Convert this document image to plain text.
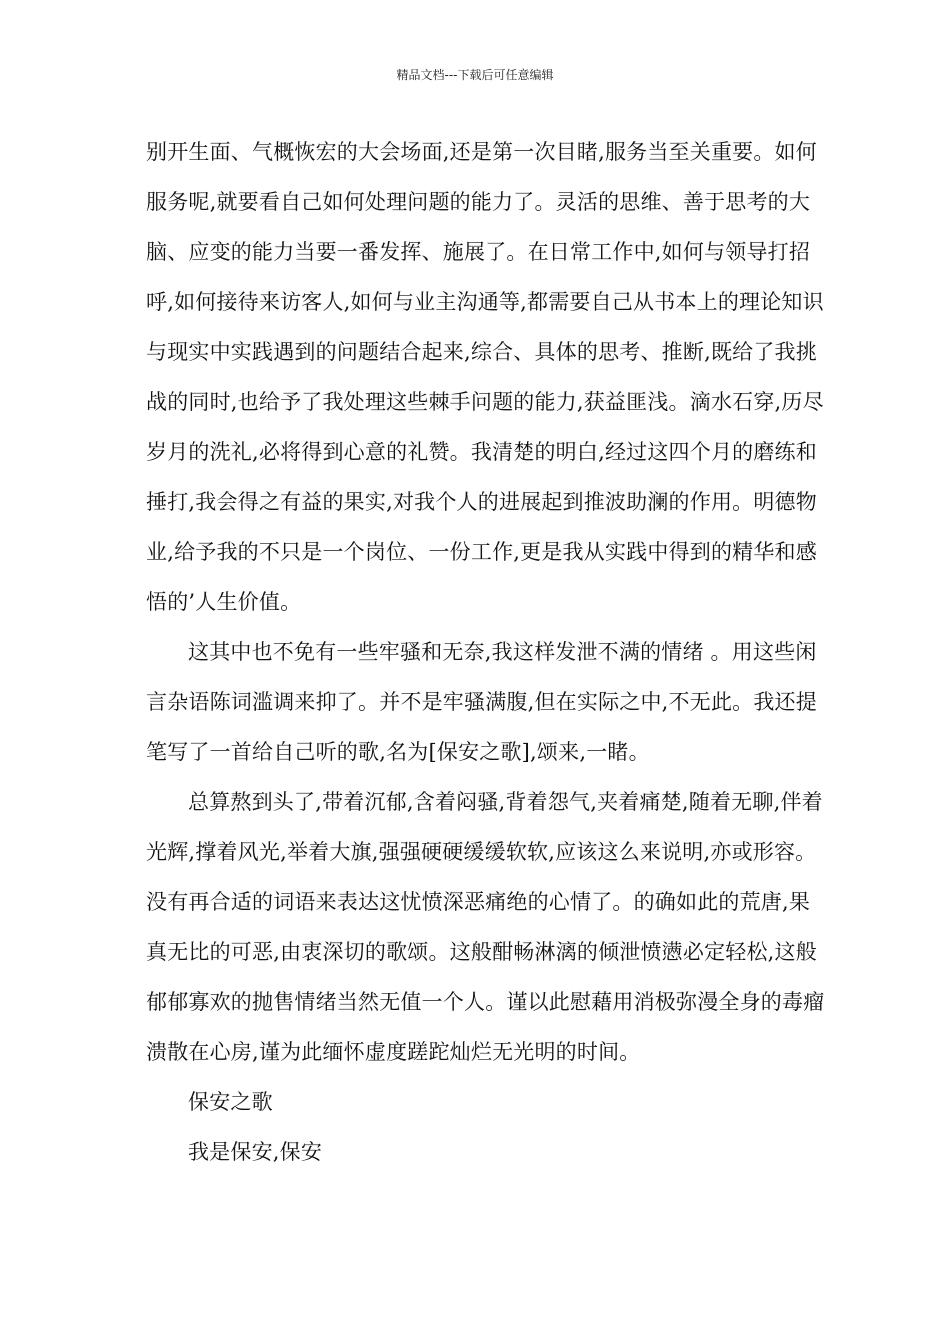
精品文档---下载后可任意编辑

别开生面、气概恢宏的大会场面,还是第一次目睹,服务当至关重要。如何服务呢,就要看自己如何处理问题的能力了。灵活的思维、善于思考的大脑、应变的能力当要一番发挥、施展了。在日常工作中,如何与领导打招呼,如何接待来访客人,如何与业主沟通等,都需要自己从书本上的理论知识与现实中实践遇到的问题结合起来,综合、具体的思考、推断,既给了我挑战的同时,也给予了我处理这些棘手问题的能力,获益匪浅。滴水石穿,历尽岁月的洗礼,必将得到心意的礼赞。我清楚的明白,经过这四个月的磨练和捶打,我会得之有益的果实,对我个人的进展起到推波助澜的作用。明德物业,给予我的不只是一个岗位、一份工作,更是我从实践中得到的精华和感悟的’人生价值。

这其中也不免有一些牢骚和无奈,我这样发泄不满的情绪 。用这些闲言杂语陈词滥调来抑了。并不是牢骚满腹,但在实际之中,不无此。我还提笔写了一首给自己听的歌,名为[保安之歌],颂来,一睹。

总算熬到头了,带着沉郁,含着闷骚,背着怨气,夹着痛楚,随着无聊,伴着光辉,撑着风光,举着大旗,强强硬硬缓缓软软,应该这么来说明,亦或形容。没有再合适的词语来表达这忧愤深恶痛绝的心情了。的确如此的荒唐,果真无比的可恶,由衷深切的歌颂。这般酣畅淋漓的倾泄愤懑必定轻松,这般郁郁寡欢的抛售情绪当然无值一个人。谨以此慰藉用消极弥漫全身的毒瘤溃散在心房,谨为此缅怀虚度蹉跎灿烂无光明的时间。

保安之歌

我是保安,保安
